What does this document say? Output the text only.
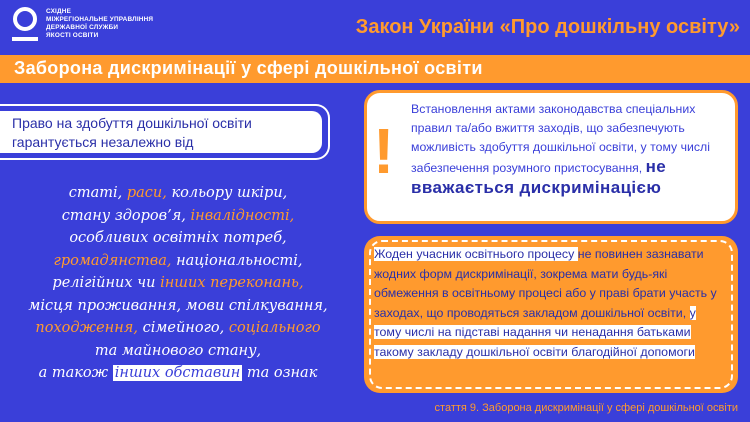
СХІДНЕ
МІЖРЕГІОНАЛЬНЕ УПРАВЛІННЯ
ДЕРЖАВНОЇ СЛУЖБИ
ЯКОСТІ ОСВІТИ	Закон України «Про дошкільну освіту»
Заборона дискримінації у сфері дошкільної освіти
Право на здобуття дошкільної освіти
гарантується незалежно від
статі, раси, кольору шкіри,
стану здоров’я, інвалідності,
особливих освітніх потреб,
громадянства, національності,
релігійних чи інших переконань,
місця проживання, мови спілкування,
походження, сімейного, соціального
та майнового стану,
а також інших обставин та ознак
!
Встановлення актами законодавства спеціальних правил та/або вжиття заходів, що забезпечують можливість здобуття дошкільної освіти, у тому числі забезпечення розумного пристосування, не вважається дискримінацією
Жоден учасник освітнього процесу не повинен зазнавати жодних форм дискримінації, зокрема мати будь-які обмеження в освітньому процесі або у праві брати участь у заходах, що проводяться закладом дошкільної освіти, у тому числі на підставі надання чи ненадання батьками такому закладу дошкільної освіти благодійної допомоги
стаття 9. Заборона дискримінації у сфері дошкільної освіти
